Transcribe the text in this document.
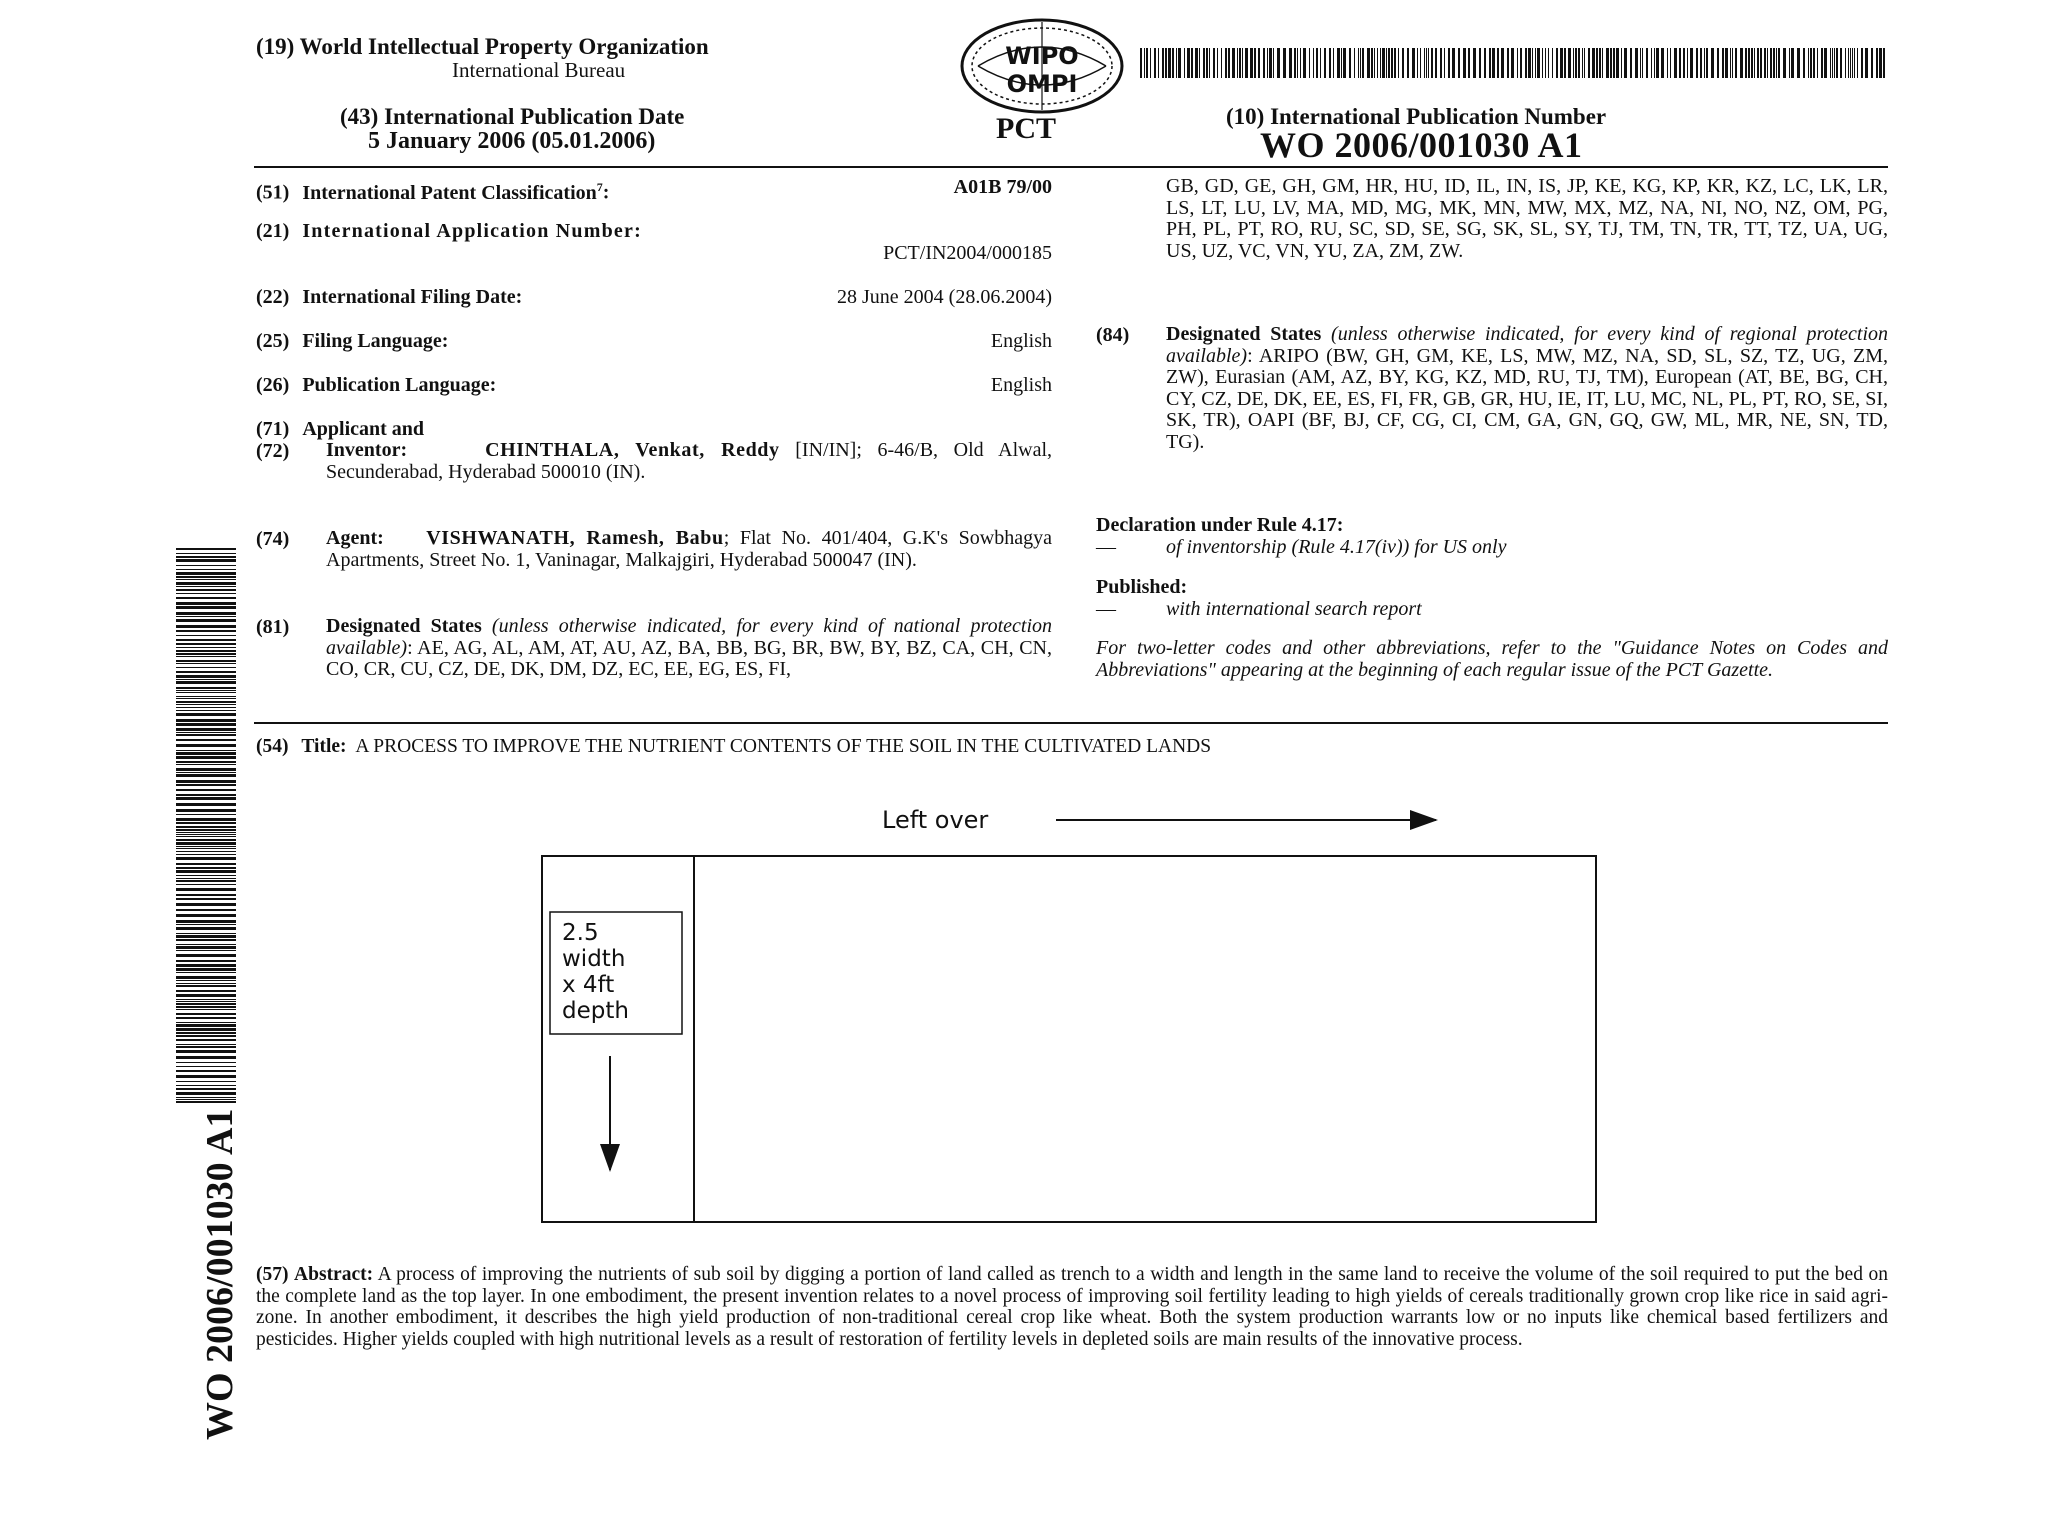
(19) World Intellectual Property Organization
International Bureau
(43) International Publication Date
5 January 2006 (05.01.2006)
WIPO
OMPI
PCT	(10) International Publication Number
WO 2006/001030 A1
(51) International Patent Classification$^7$:	A01B 79/00
(21) International Application Number:
PCT/IN2004/000185
(22) International Filing Date:	28 June 2004 (28.06.2004)
(25) Filing Language:	English
(26) Publication Language:	English
(71) Applicant and
(72) Inventor:	CHINTHALA, Venkat, Reddy [IN/IN]; 6-46/B, Old Alwal, Secunderabad, Hyderabad 500010 (IN).
(74) Agent: VISHWANATH, Ramesh, Babu; Flat No. 401/404, G.K's Sowbhagya Apartments, Street No. 1, Vaninagar, Malkajgiri, Hyderabad 500047 (IN).
(81) Designated States (unless otherwise indicated, for every kind of national protection available): AE, AG, AL, AM, AT, AU, AZ, BA, BB, BG, BR, BW, BY, BZ, CA, CH, CN, CO, CR, CU, CZ, DE, DK, DM, DZ, EC, EE, EG, ES, FI,
GB, GD, GE, GH, GM, HR, HU, ID, IL, IN, IS, JP, KE, KG, KP, KR, KZ, LC, LK, LR, LS, LT, LU, LV, MA, MD, MG, MK, MN, MW, MX, MZ, NA, NI, NO, NZ, OM, PG, PH, PL, PT, RO, RU, SC, SD, SE, SG, SK, SL, SY, TJ, TM, TN, TR, TT, TZ, UA, UG, US, UZ, VC, VN, YU, ZA, ZM, ZW.
(84) Designated States (unless otherwise indicated, for every kind of regional protection available): ARIPO (BW, GH, GM, KE, LS, MW, MZ, NA, SD, SL, SZ, TZ, UG, ZM, ZW), Eurasian (AM, AZ, BY, KG, KZ, MD, RU, TJ, TM), European (AT, BE, BG, CH, CY, CZ, DE, DK, EE, ES, FI, FR, GB, GR, HU, IE, IT, LU, MC, NL, PL, PT, RO, SE, SI, SK, TR), OAPI (BF, BJ, CF, CG, CI, CM, GA, GN, GQ, GW, ML, MR, NE, SN, TD, TG).
Declaration under Rule 4.17:
—	of inventorship (Rule 4.17(iv)) for US only
Published:
—	with international search report
For two-letter codes and other abbreviations, refer to the "Guidance Notes on Codes and Abbreviations" appearing at the beginning of each regular issue of the PCT Gazette.
(54) Title: A PROCESS TO IMPROVE THE NUTRIENT CONTENTS OF THE SOIL IN THE CULTIVATED LANDS
Left over
2.5
width
x 4ft
depth
(57) Abstract: A process of improving the nutrients of sub soil by digging a portion of land called as trench to a width and length in the same land to receive the volume of the soil required to put the bed on the complete land as the top layer. In one embodiment, the present invention relates to a novel process of improving soil fertility leading to high yields of cereals traditionally grown crop like rice in said agri-zone. In another embodiment, it describes the high yield production of non-traditional cereal crop like wheat. Both the system production warrants low or no inputs like chemical based fertilizers and pesticides. Higher yields coupled with high nutritional levels as a result of restoration of fertility levels in depleted soils are main results of the innovative process.
WO 2006/001030 A1
